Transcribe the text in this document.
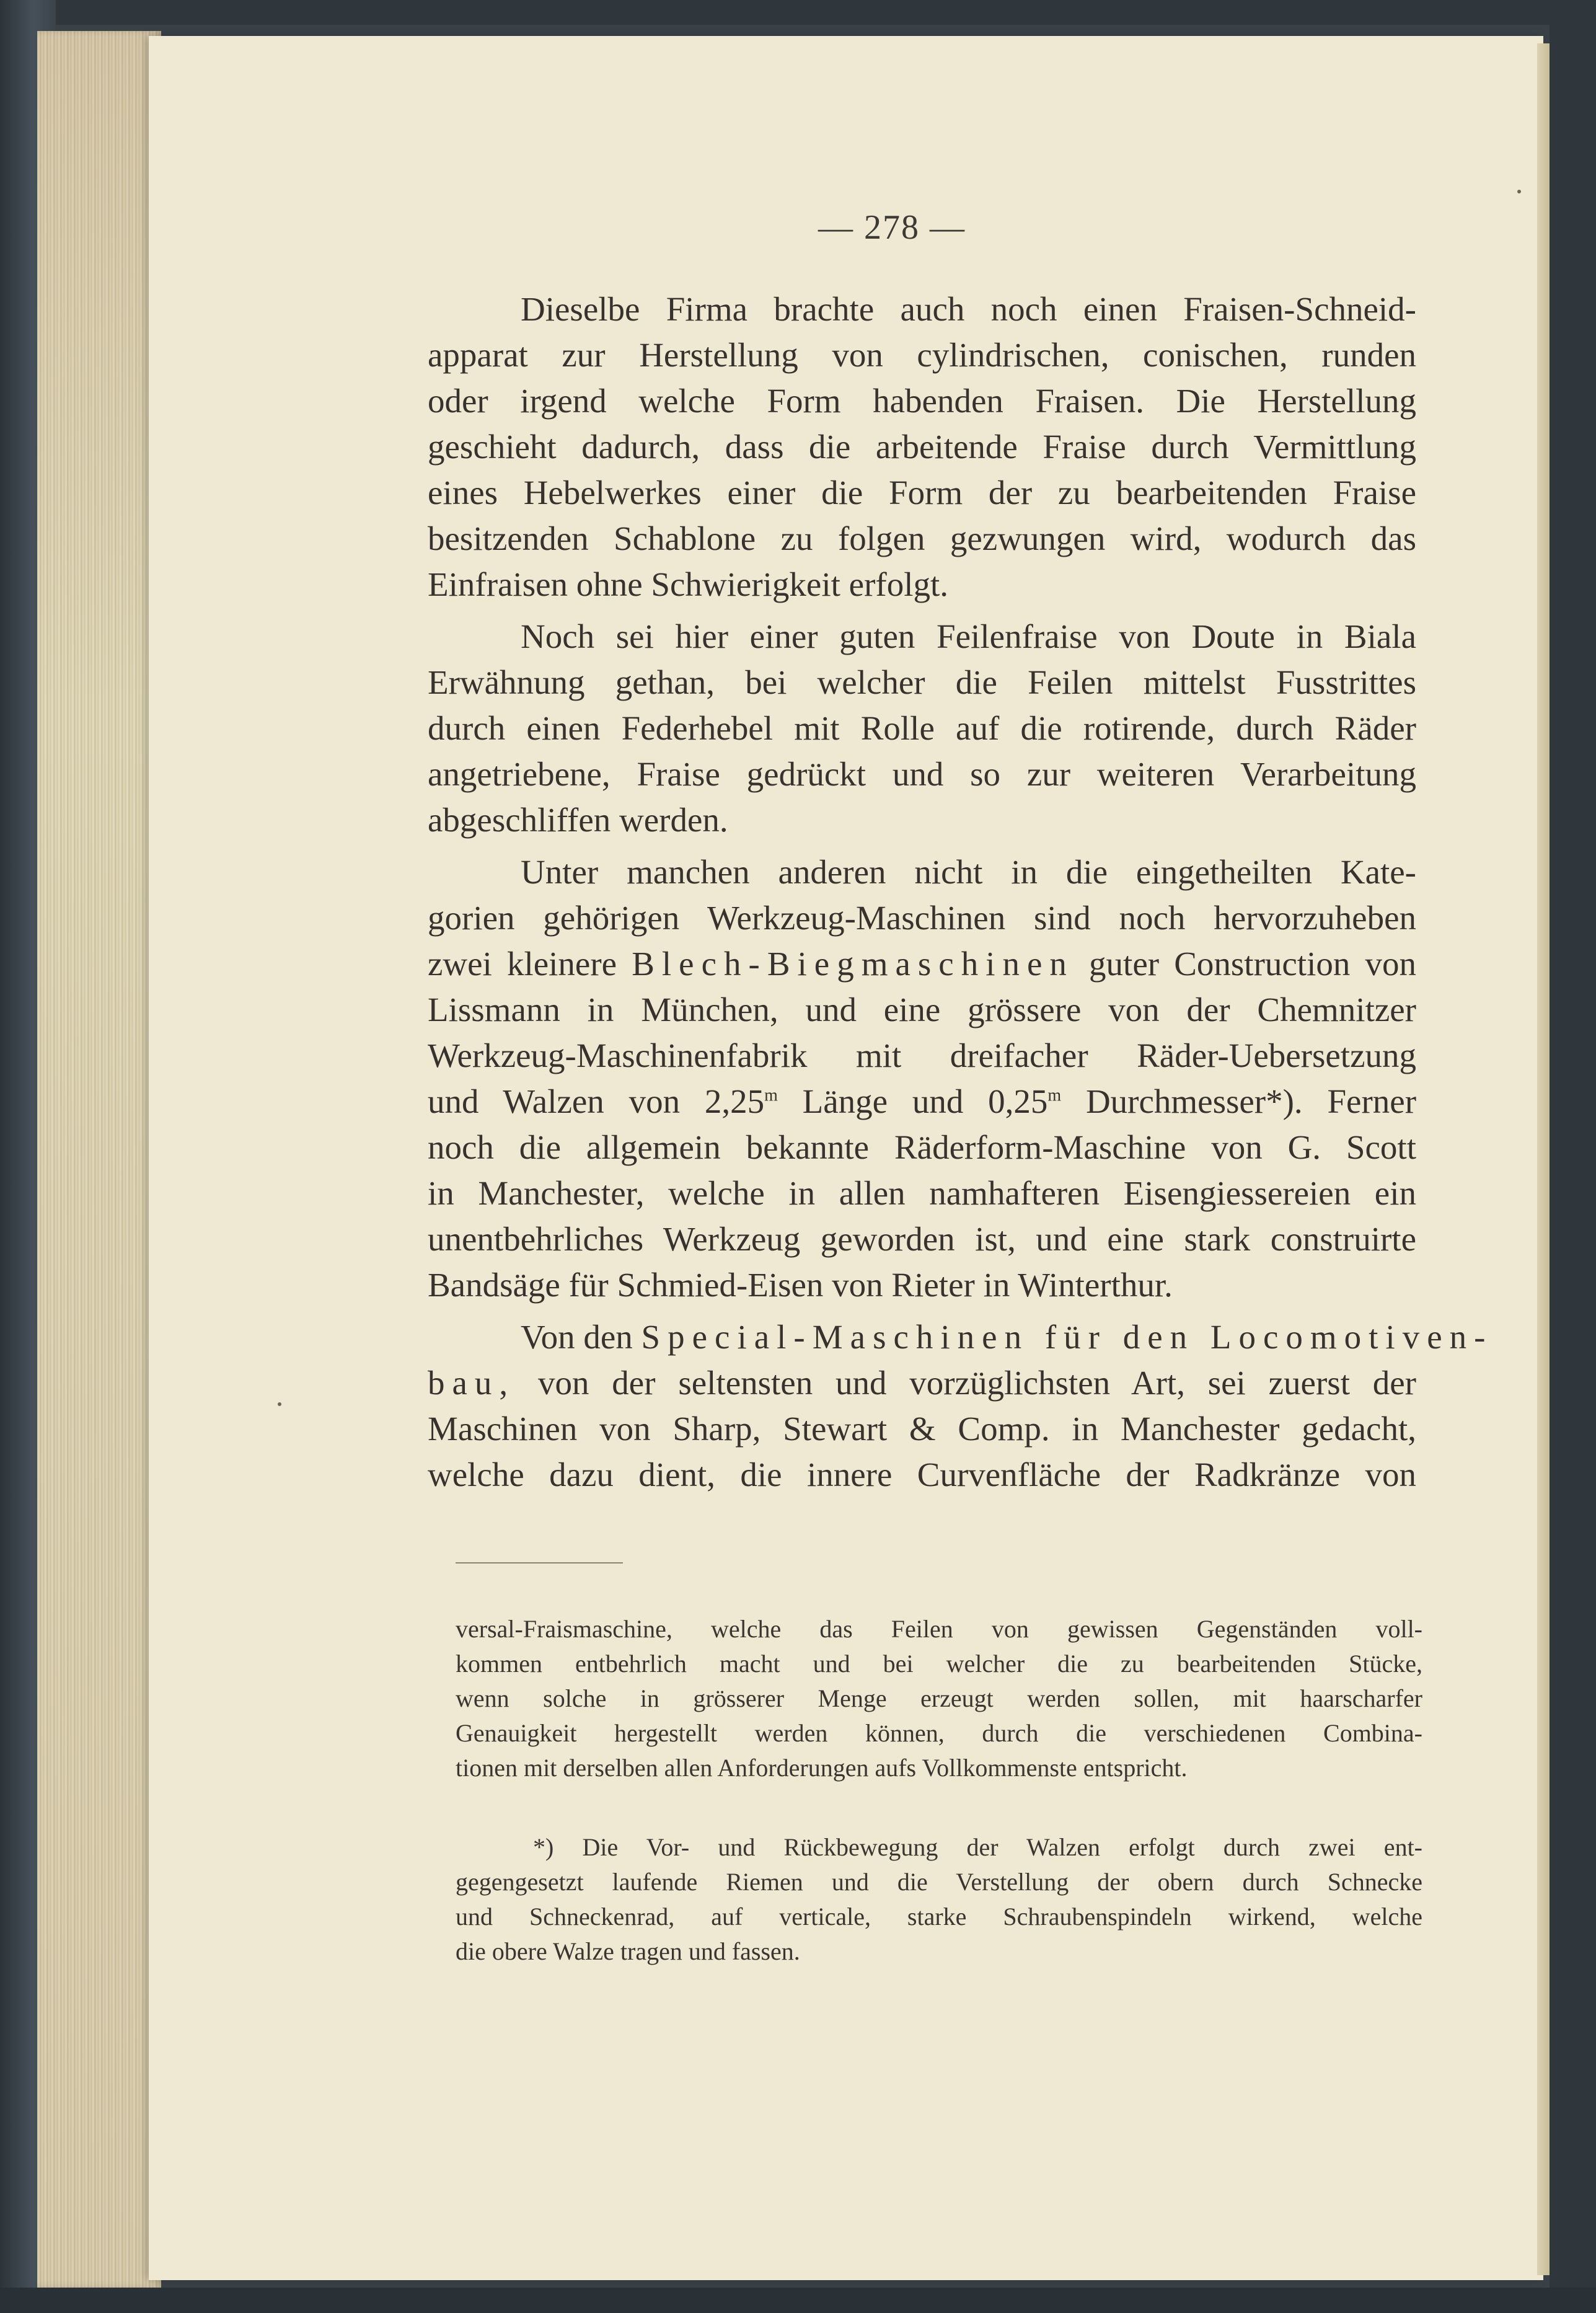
— 278 —
Dieselbe Firma brachte auch noch einen Fraisen-Schneid-
apparat zur Herstellung von cylindrischen, conischen, runden
oder irgend welche Form habenden Fraisen. Die Herstellung
geschieht dadurch, dass die arbeitende Fraise durch Vermittlung
eines Hebelwerkes einer die Form der zu bearbeitenden Fraise
besitzenden Schablone zu folgen gezwungen wird, wodurch das
Einfraisen ohne Schwierigkeit erfolgt.
Noch sei hier einer guten Feilenfraise von Doute in Biala
Erwähnung gethan, bei welcher die Feilen mittelst Fusstrittes
durch einen Federhebel mit Rolle auf die rotirende, durch Räder
angetriebene, Fraise gedrückt und so zur weiteren Verarbeitung
abgeschliffen werden.
Unter manchen anderen nicht in die eingetheilten Kate-
gorien gehörigen Werkzeug-Maschinen sind noch hervorzuheben
zwei kleinere Blech-Biegmaschinen guter Construction von
Lissmann in München, und eine grössere von der Chemnitzer
Werkzeug-Maschinenfabrik mit dreifacher Räder-Uebersetzung
und Walzen von 2,25$^m$ Länge und 0,25$^m$ Durchmesser*). Ferner
noch die allgemein bekannte Räderform-Maschine von G. Scott
in Manchester, welche in allen namhafteren Eisengiessereien ein
unentbehrliches Werkzeug geworden ist, und eine stark construirte
Bandsäge für Schmied-Eisen von Rieter in Winterthur.
Von den Special-Maschinen für den Locomotiven-
bau, von der seltensten und vorzüglichsten Art, sei zuerst der
Maschinen von Sharp, Stewart & Comp. in Manchester gedacht,
welche dazu dient, die innere Curvenfläche der Radkränze von
versal-Fraismaschine, welche das Feilen von gewissen Gegenständen voll-
kommen entbehrlich macht und bei welcher die zu bearbeitenden Stücke,
wenn solche in grösserer Menge erzeugt werden sollen, mit haarscharfer
Genauigkeit hergestellt werden können, durch die verschiedenen Combina-
tionen mit derselben allen Anforderungen aufs Vollkommenste entspricht.
*) Die Vor- und Rückbewegung der Walzen erfolgt durch zwei ent-
gegengesetzt laufende Riemen und die Verstellung der obern durch Schnecke
und Schneckenrad, auf verticale, starke Schraubenspindeln wirkend, welche
die obere Walze tragen und fassen.
